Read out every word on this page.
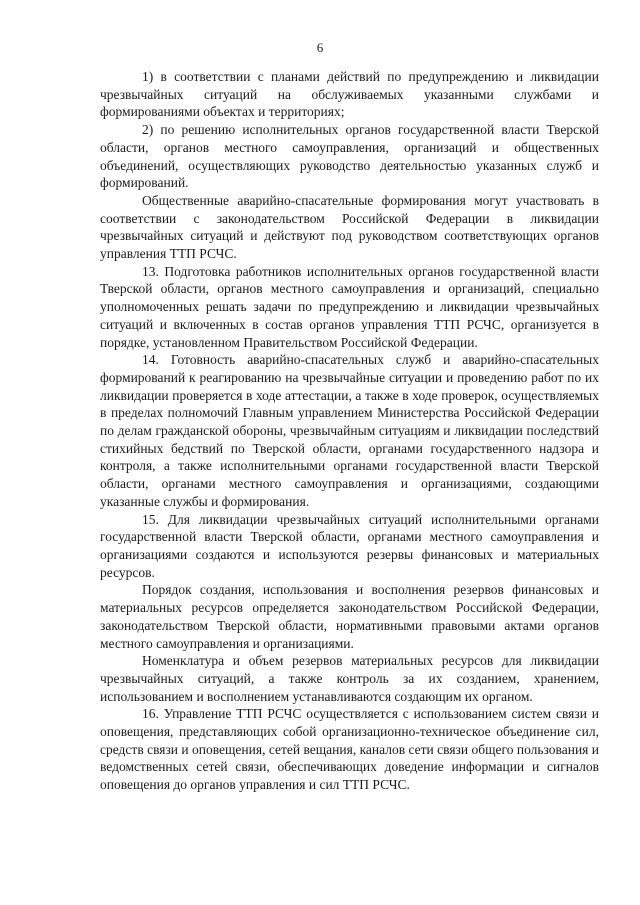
6

1) в соответствии с планами действий по предупреждению и ликвидации чрезвычайных ситуаций на обслуживаемых указанными службами и формированиями объектах и территориях;

2) по решению исполнительных органов государственной власти Тверской области, органов местного самоуправления, организаций и общественных объединений, осуществляющих руководство деятельностью указанных служб и формирований.

Общественные аварийно-спасательные формирования могут участвовать в соответствии с законодательством Российской Федерации в ликвидации чрезвычайных ситуаций и действуют под руководством соответствующих органов управления ТТП РСЧС.

13. Подготовка работников исполнительных органов государственной власти Тверской области, органов местного самоуправления и организаций, специально уполномоченных решать задачи по предупреждению и ликвидации чрезвычайных ситуаций и включенных в состав органов управления ТТП РСЧС, организуется в порядке, установленном Правительством Российской Федерации.

14. Готовность аварийно-спасательных служб и аварийно-спасательных формирований к реагированию на чрезвычайные ситуации и проведению работ по их ликвидации проверяется в ходе аттестации, а также в ходе проверок, осуществляемых в пределах полномочий Главным управлением Министерства Российской Федерации по делам гражданской обороны, чрезвычайным ситуациям и ликвидации последствий стихийных бедствий по Тверской области, органами государственного надзора и контроля, а также исполнительными органами государственной власти Тверской области, органами местного самоуправления и организациями, создающими указанные службы и формирования.

15. Для ликвидации чрезвычайных ситуаций исполнительными органами государственной власти Тверской области, органами местного самоуправления и организациями создаются и используются резервы финансовых и материальных ресурсов.

Порядок создания, использования и восполнения резервов финансовых и материальных ресурсов определяется законодательством Российской Федерации, законодательством Тверской области, нормативными правовыми актами органов местного самоуправления и организациями.

Номенклатура и объем резервов материальных ресурсов для ликвидации чрезвычайных ситуаций, а также контроль за их созданием, хранением, использованием и восполнением устанавливаются создающим их органом.

16. Управление ТТП РСЧС осуществляется с использованием систем связи и оповещения, представляющих собой организационно-техническое объединение сил, средств связи и оповещения, сетей вещания, каналов сети связи общего пользования и ведомственных сетей связи, обеспечивающих доведение информации и сигналов оповещения до органов управления и сил ТТП РСЧС.
